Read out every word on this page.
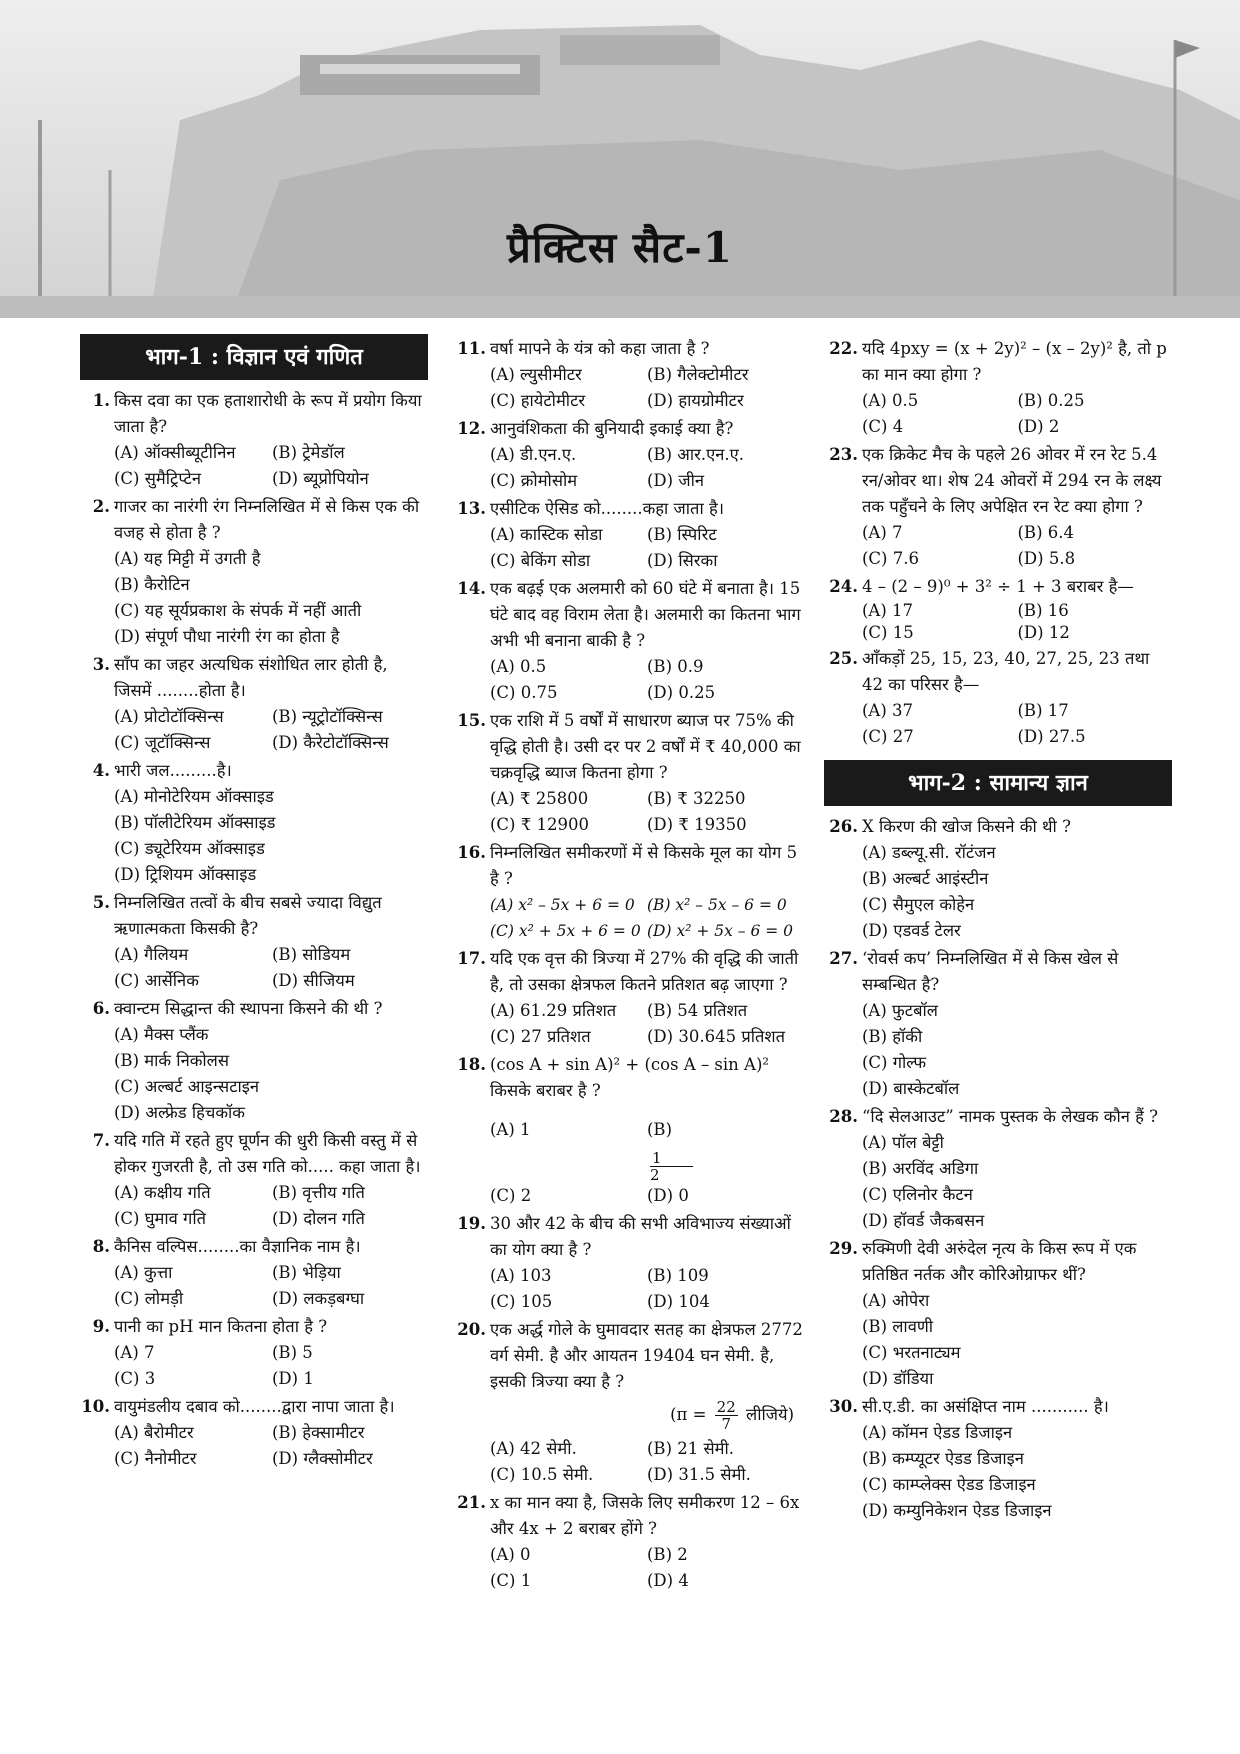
प्रैक्टिस सैट-1
भाग-1 : विज्ञान एवं गणित
1. किस दवा का एक हताशारोधी के रूप में प्रयोग किया जाता है?
(A) ऑक्सीब्यूटीनिन	(B) ट्रेमेडॉल
(C) सुमैट्रिप्टेन	(D) ब्यूप्रोपियोन
2. गाजर का नारंगी रंग निम्नलिखित में से किस एक की वजह से होता है ?
(A) यह मिट्टी में उगती है
(B) कैरोटिन
(C) यह सूर्यप्रकाश के संपर्क में नहीं आती
(D) संपूर्ण पौधा नारंगी रंग का होता है
3. साँप का जहर अत्यधिक संशोधित लार होती है, जिसमें ........होता है।
(A) प्रोटोटॉक्सिन्स	(B) न्यूट्रोटॉक्सिन्स
(C) जूटॉक्सिन्स	(D) कैरेटोटॉक्सिन्स
4. भारी जल.........है।
(A) मोनोटेरियम ऑक्साइड
(B) पॉलीटेरियम ऑक्साइड
(C) ड्यूटेरियम ऑक्साइड
(D) ट्रिशियम ऑक्साइड
5. निम्नलिखित तत्वों के बीच सबसे ज्यादा विद्युत ऋणात्मकता किसकी है?
(A) गैलियम	(B) सोडियम
(C) आर्सेनिक	(D) सीजियम
6. क्वान्टम सिद्धान्त की स्थापना किसने की थी ?
(A) मैक्स प्लैंक
(B) मार्क निकोलस
(C) अल्बर्ट आइन्सटाइन
(D) अल्फ्रेड हिचकॉक
7. यदि गति में रहते हुए घूर्णन की धुरी किसी वस्तु में से होकर गुजरती है, तो उस गति को..... कहा जाता है।
(A) कक्षीय गति	(B) वृत्तीय गति
(C) घुमाव गति	(D) दोलन गति
8. कैनिस वल्पिस........का वैज्ञानिक नाम है।
(A) कुत्ता	(B) भेड़िया
(C) लोमड़ी	(D) लकड़बग्घा
9. पानी का pH मान कितना होता है ?
(A) 7	(B) 5
(C) 3	(D) 1
10. वायुमंडलीय दबाव को........द्वारा नापा जाता है।
(A) बैरोमीटर	(B) हेक्सामीटर
(C) नैनोमीटर	(D) ग्लैक्सोमीटर
11. वर्षा मापने के यंत्र को कहा जाता है ?
(A) ल्युसीमीटर	(B) गैलेक्टोमीटर
(C) हायेटोमीटर	(D) हायग्रोमीटर
12. आनुवंशिकता की बुनियादी इकाई क्या है?
(A) डी.एन.ए.	(B) आर.एन.ए.
(C) क्रोमोसोम	(D) जीन
13. एसीटिक ऐसिड को........कहा जाता है।
(A) कास्टिक सोडा	(B) स्पिरिट
(C) बेकिंग सोडा	(D) सिरका
14. एक बढ़ई एक अलमारी को 60 घंटे में बनाता है। 15 घंटे बाद वह विराम लेता है। अलमारी का कितना भाग अभी भी बनाना बाकी है ?
(A) 0.5	(B) 0.9
(C) 0.75	(D) 0.25
15. एक राशि में 5 वर्षों में साधारण ब्याज पर 75% की वृद्धि होती है। उसी दर पर 2 वर्षों में ₹ 40,000 का चक्रवृद्धि ब्याज कितना होगा ?
(A) ₹ 25800	(B) ₹ 32250
(C) ₹ 12900	(D) ₹ 19350
16. निम्नलिखित समीकरणों में से किसके मूल का योग 5 है ?
(A) x² – 5x + 6 = 0 (B) x² – 5x – 6 = 0
(C) x² + 5x + 6 = 0 (D) x² + 5x – 6 = 0
17. यदि एक वृत्त की त्रिज्या में 27% की वृद्धि की जाती है, तो उसका क्षेत्रफल कितने प्रतिशत बढ़ जाएगा ?
(A) 61.29 प्रतिशत	(B) 54 प्रतिशत
(C) 27 प्रतिशत	(D) 30.645 प्रतिशत
18. (cos A + sin A)² + (cos A – sin A)² किसके बराबर है ?
(A) 1	(B)
1
2
(C) 2	(D) 0
19. 30 और 42 के बीच की सभी अविभाज्य संख्याओं का योग क्या है ?
(A) 103	(B) 109
(C) 105	(D) 104
20. एक अर्द्ध गोले के घुमावदार सतह का क्षेत्रफल 2772 वर्ग सेमी. है और आयतन 19404 घन सेमी. है, इसकी त्रिज्या क्या है ?
($\pi = \frac{22}{7}$ लीजिये)
(A) 42 सेमी.	(B) 21 सेमी.
(C) 10.5 सेमी.	(D) 31.5 सेमी.
21. x का मान क्या है, जिसके लिए समीकरण 12 – 6x और 4x + 2 बराबर होंगे ?
(A) 0	(B) 2
(C) 1	(D) 4
22. यदि 4pxy = (x + 2y)² – (x – 2y)² है, तो p का मान क्या होगा ?
(A) 0.5	(B) 0.25
(C) 4	(D) 2
23. एक क्रिकेट मैच के पहले 26 ओवर में रन रेट 5.4 रन/ओवर था। शेष 24 ओवरों में 294 रन के लक्ष्य तक पहुँचने के लिए अपेक्षित रन रेट क्या होगा ?
(A) 7	(B) 6.4
(C) 7.6	(D) 5.8
24. 4 – (2 – 9)⁰ + 3² ÷ 1 + 3 बराबर है—
(A) 17	(B) 16
(C) 15	(D) 12
25. आँकड़ों 25, 15, 23, 40, 27, 25, 23 तथा 42 का परिसर है—
(A) 37	(B) 17
(C) 27	(D) 27.5
भाग-2 : सामान्य ज्ञान
26. X किरण की खोज किसने की थी ?
(A) डब्ल्यू.सी. रॉटंजन
(B) अल्बर्ट आइंस्टीन
(C) सैमुएल कोहेन
(D) एडवर्ड टेलर
27. ‘रोवर्स कप’ निम्नलिखित में से किस खेल से सम्बन्धित है?
(A) फुटबॉल
(B) हॉकी
(C) गोल्फ
(D) बास्केटबॉल
28. “दि सेलआउट” नामक पुस्तक के लेखक कौन हैं ?
(A) पॉल बेट्टी
(B) अरविंद अडिगा
(C) एलिनोर कैटन
(D) हॉवर्ड जैकबसन
29. रुक्मिणी देवी अरुंदेल नृत्य के किस रूप में एक प्रतिष्ठित नर्तक और कोरिओग्राफर थीं?
(A) ओपेरा
(B) लावणी
(C) भरतनाट्यम
(D) डॉडिया
30. सी.ए.डी. का असंक्षिप्त नाम ........... है।
(A) कॉमन ऐडड डिजाइन
(B) कम्प्यूटर ऐडड डिजाइन
(C) काम्प्लेक्स ऐडड डिजाइन
(D) कम्युनिकेशन ऐडड डिजाइन
